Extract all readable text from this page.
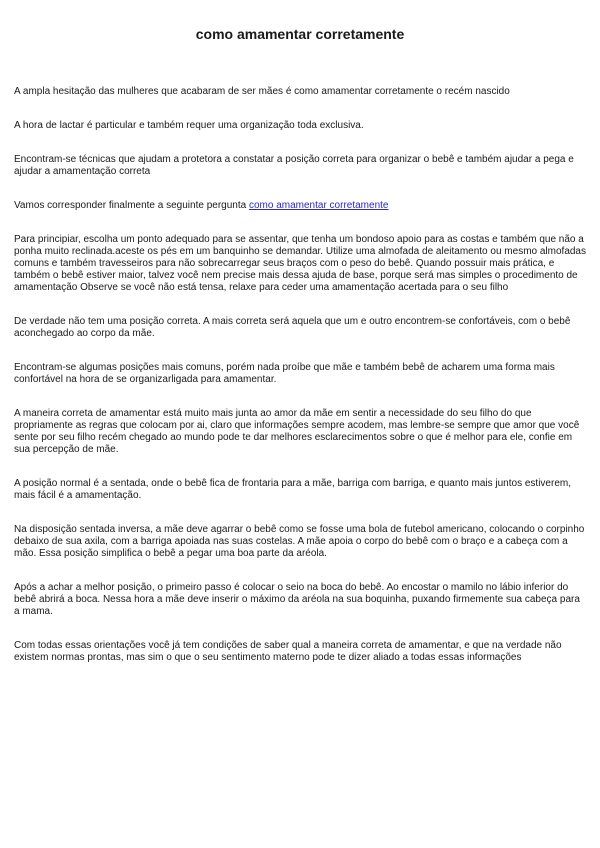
como amamentar corretamente

A ampla hesitação das mulheres que acabaram de ser mães é como amamentar corretamente o recém nascido

A hora de lactar é particular e também requer uma organização toda exclusiva.

Encontram-se técnicas que ajudam a protetora a constatar a posição correta para organizar o bebê e também ajudar a pega e ajudar a amamentação correta

Vamos corresponder finalmente a seguinte pergunta como amamentar corretamente

Para principiar, escolha um ponto adequado para se assentar, que tenha um bondoso apoio para as costas e também que não a ponha muito reclinada.aceste os pés em um banquinho se demandar. Utilize uma almofada de aleitamento ou mesmo almofadas comuns e também travesseiros para não sobrecarregar seus braços com o peso do bebê. Quando possuir mais prática, e também o bebê estiver maior, talvez você nem precise mais dessa ajuda de base, porque será mas simples o procedimento de amamentação Observe se você não está tensa, relaxe para ceder uma amamentação acertada para o seu filho

De verdade não tem uma posição correta. A mais correta será aquela que um e outro encontrem-se confortáveis, com o bebê aconchegado ao corpo da mãe.

Encontram-se algumas posições mais comuns, porém nada proíbe que mãe e também bebê de acharem uma forma mais confortável na hora de se organizarligada para amamentar.

A maneira correta de amamentar está muito mais junta ao amor da mãe em sentir a necessidade do seu filho do que propriamente as regras que colocam por ai, claro que informações sempre acodem, mas lembre-se sempre que amor que você sente por seu filho recém chegado ao mundo pode te dar melhores esclarecimentos sobre o que é melhor para ele, confie em sua percepção de mãe.

A posição normal é a sentada, onde o bebê fica de frontaria para a mãe, barriga com barriga, e quanto mais juntos estiverem, mais fácil é a amamentação.

Na disposição sentada inversa, a mãe deve agarrar o bebê como se fosse uma bola de futebol americano, colocando o corpinho debaixo de sua axila, com a barriga apoiada nas suas costelas. A mãe apoia o corpo do bebê com o braço e a cabeça com a mão. Essa posição simplifica o bebê a pegar uma boa parte da aréola.

Após a achar a melhor posição, o primeiro passo é colocar o seio na boca do bebê. Ao encostar o mamilo no lábio inferior do bebê abrirá a boca. Nessa hora a mãe deve inserir o máximo da aréola na sua boquinha, puxando firmemente sua cabeça para a mama.

Com todas essas orientações você já tem condições de saber qual a maneira correta de amamentar, e que na verdade não existem normas prontas, mas sim o que o seu sentimento materno pode te dizer aliado a todas essas informações
